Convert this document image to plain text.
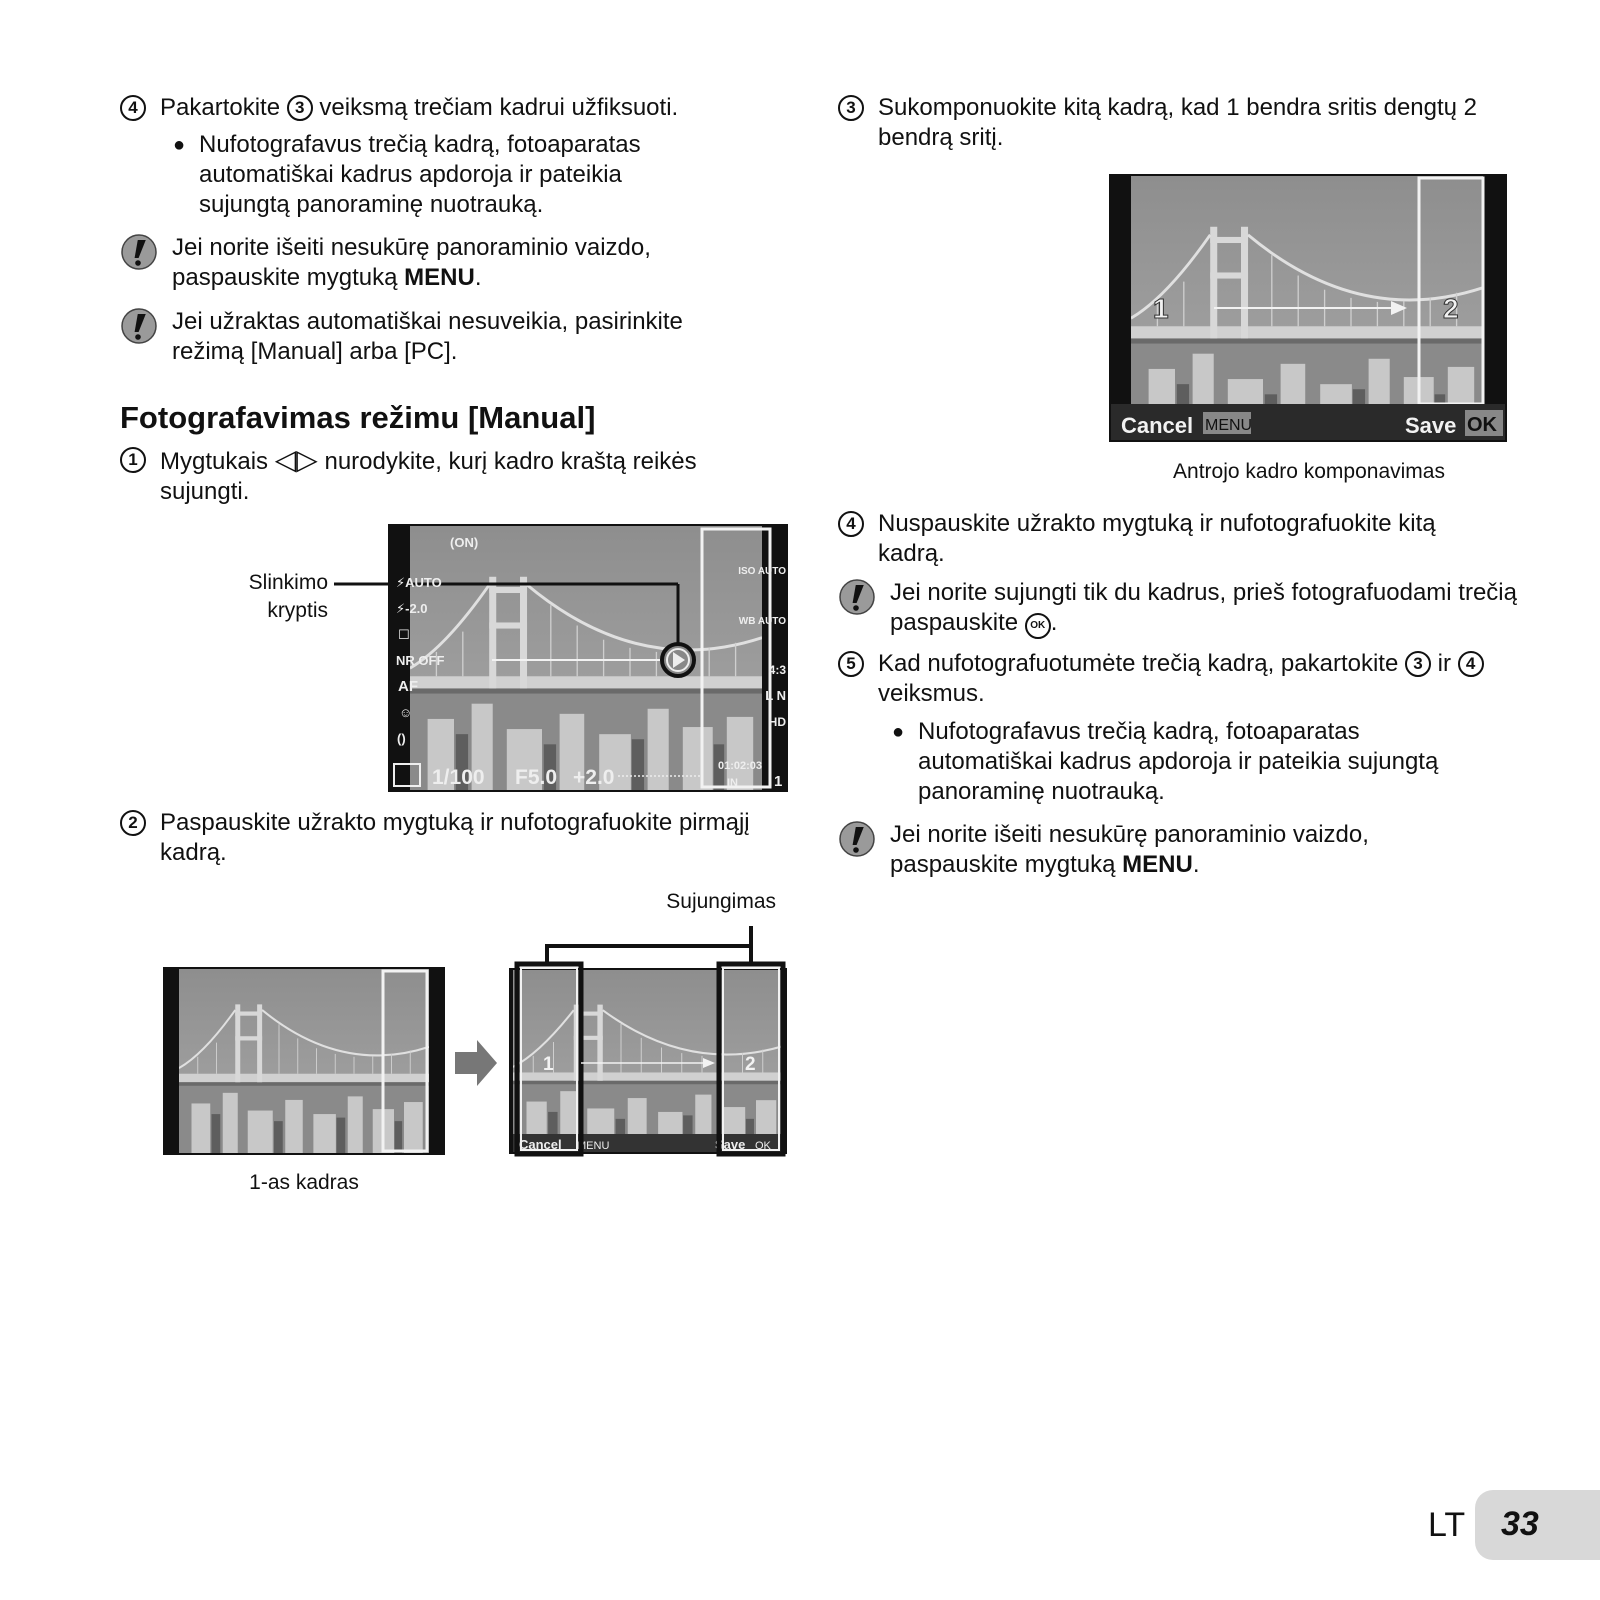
4 Pakartokite 3 veiksmą trečiam kadrui užfiksuoti.
● Nufotografavus trečią kadrą, fotoaparatas automatiškai kadrus apdoroja ir pateikia sujungtą panoraminę nuotrauką.
Jei norite išeiti nesukūrę panoraminio vaizdo, paspauskite mygtuką MENU.
Jei užraktas automatiškai nesuveikia, pasirinkite režimą [Manual] arba [PC].
Fotografavimas režimu [Manual]
1 Mygtukais ◁▷ nurodykite, kurį kadro kraštą reikės sujungti.
Slinkimo
kryptis
(ON)
⚡AUTO
⚡-2.0
☐
NR OFF
AF
☺
()
ISO AUTO
WB AUTO
4:3
L N
HD
1/100 F5.0 +2.0	01:02:03
IN 1
2 Paspauskite užrakto mygtuką ir nufotografuokite pirmąjį kadrą.
Sujungimas
1-as kadras
Cancel MENU	Save OK
1	2
3 Sukomponuokite kitą kadrą, kad 1 bendra sritis dengtų 2 bendrą sritį.
1	2
Cancel MENU	Save OK
Antrojo kadro komponavimas
4 Nuspauskite užrakto mygtuką ir nufotografuokite kitą kadrą.
Jei norite sujungti tik du kadrus, prieš fotografuodami trečią paspauskite OK .
5 Kad nufotografuotumėte trečią kadrą, pakartokite 3 ir 4 veiksmus.
● Nufotografavus trečią kadrą, fotoaparatas automatiškai kadrus apdoroja ir pateikia sujungtą panoraminę nuotrauką.
Jei norite išeiti nesukūrę panoraminio vaizdo, paspauskite mygtuką MENU.
LT 33
